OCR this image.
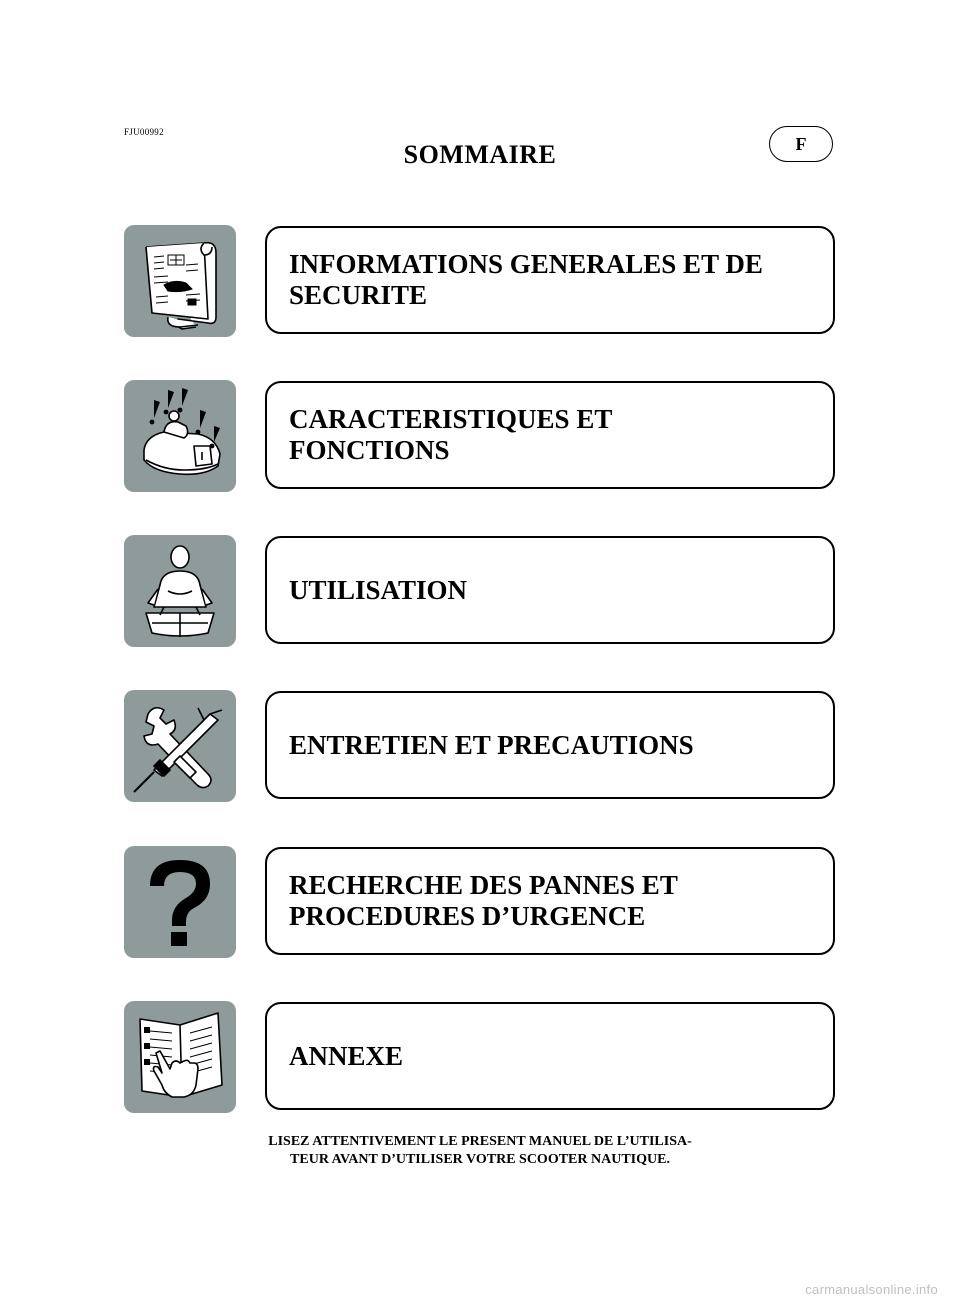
FJU00992
F
SOMMAIRE
INFORMATIONS GENERALES ET DE
SECURITE
CARACTERISTIQUES ET
FONCTIONS
UTILISATION
ENTRETIEN ET PRECAUTIONS
RECHERCHE DES PANNES ET
PROCEDURES D’URGENCE
ANNEXE
LISEZ ATTENTIVEMENT LE PRESENT MANUEL DE L’UTILISA-
TEUR AVANT D’UTILISER VOTRE SCOOTER NAUTIQUE.
carmanualsonline.info
